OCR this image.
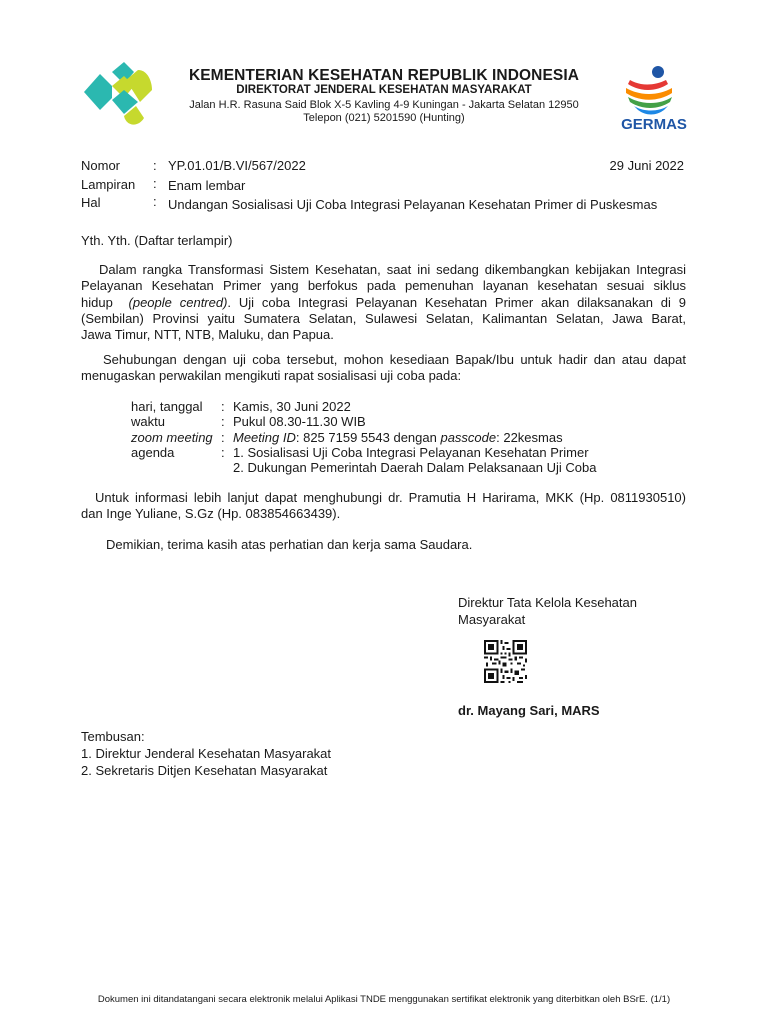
KEMENTERIAN KESEHATAN REPUBLIK INDONESIA
DIREKTORAT JENDERAL KESEHATAN MASYARAKAT
Jalan H.R. Rasuna Said Blok X-5 Kavling 4-9 Kuningan - Jakarta Selatan 12950
Telepon (021) 5201590 (Hunting)	GERMAS
Nomor	: YP.01.01/B.VI/567/2022	29 Juni 2022
Lampiran : Enam lembar
Hal	: Undangan Sosialisasi Uji Coba Integrasi Pelayanan Kesehatan Primer di Puskesmas
Yth. Yth. (Daftar terlampir)
Dalam rangka Transformasi Sistem Kesehatan, saat ini sedang dikembangkan kebijakan Integrasi
Pelayanan Kesehatan Primer yang berfokus pada pemenuhan layanan kesehatan sesuai siklus
hidup (people centred). Uji coba Integrasi Pelayanan Kesehatan Primer akan dilaksanakan di 9
(Sembilan) Provinsi yaitu Sumatera Selatan, Sulawesi Selatan, Kalimantan Selatan, Jawa Barat,
Jawa Timur, NTT, NTB, Maluku, dan Papua.
Sehubungan dengan uji coba tersebut, mohon kesediaan Bapak/Ibu untuk hadir dan atau dapat
menugaskan perwakilan mengikuti rapat sosialisasi uji coba pada:
hari, tanggal : Kamis, 30 Juni 2022
waktu	: Pukul 08.30-11.30 WIB
zoom meeting : Meeting ID: 825 7159 5543 dengan passcode: 22kesmas
agenda	: 1. Sosialisasi Uji Coba Integrasi Pelayanan Kesehatan Primer
2. Dukungan Pemerintah Daerah Dalam Pelaksanaan Uji Coba
Untuk informasi lebih lanjut dapat menghubungi dr. Pramutia H Harirama, MKK (Hp. 0811930510)
dan Inge Yuliane, S.Gz (Hp. 083854663439).
Demikian, terima kasih atas perhatian dan kerja sama Saudara.
Direktur Tata Kelola Kesehatan
Masyarakat
dr. Mayang Sari, MARS
Tembusan:
1. Direktur Jenderal Kesehatan Masyarakat
2. Sekretaris Ditjen Kesehatan Masyarakat
Dokumen ini ditandatangani secara elektronik melalui Aplikasi TNDE menggunakan sertifikat elektronik yang diterbitkan oleh BSrE. (1/1)
